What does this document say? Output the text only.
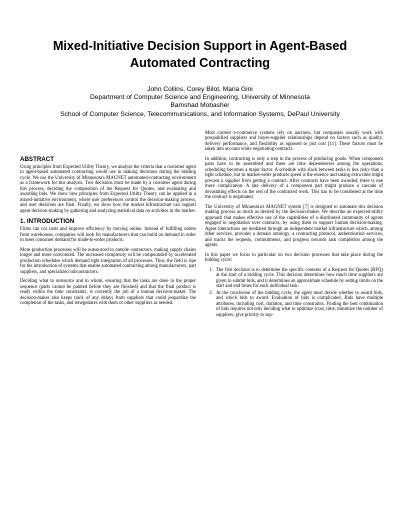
Mixed-Initiative Decision Support in Agent-Based
Automated Contracting
John Collins, Corey Bilot, Maria Gini
Department of Computer Science and Engineering, University of Minnesota
Bamshad Mobasher
School of Computer Science, Telecommunications, and Information Systems, DePaul University
ABSTRACT

Using principles from Expected Utility Theory, we analyze the criteria that a customer agent in agent-based automated contracting would use in making decisions during the bidding cycle. We use the University of Minnesota's MAGNET automated-contracting environment as a framework for this analysis. Two decisions must be made by a customer agent during this process, deciding the composition of the Request for Quotes, and evaluating and awarding bids. We show how principles from Expected Utility Theory can be applied in a mixed-initiative environment, where user preferences control the decision-making process, and user decisions are final. Finally, we show how the market infrastructure can support agent decision-making by gathering and analyzing statistical data on activities in the market.

1. INTRODUCTION

Firms can cut costs and improve efficiency by moving online. Instead of fulfilling orders from warehouses, companies will look for manufacturers that can build on demand in order to meet consumer demand for made-to-order products.

More production processes will be outsourced to outside contractors, making supply chains longer and more convoluted. The increased complexity will be compounded by accelerated production schedules which demand tight integration of all processes. Thus, the field is ripe for the introduction of systems that enable automated contracting among manufacturers, part suppliers, and specialized subcontractors.

Deciding what to outsource and to whom, ensuring that the tasks are done in the proper sequence (parts cannot be painted before they are finished) and that the final product is ready within the time constraints, is currently the job of a human decision-maker. The decision-maker also keeps track of any delays from suppliers that could jeopardize the completion of the tasks, and renegotiates with them or other suppliers as needed.

Most current e-commerce systems rely on auctions, but companies usually work with prequalified suppliers and buyer-supplier relationships depend on factors such as quality, delivery performance, and flexibility as opposed to just cost [11]. These factors must be taken into account while negotiating contracts.

In addition, contracting is only a step in the process of producing goods. When component parts have to be assembled and there are time dependencies among the operations, scheduling becomes a major factor. A schedule with slack between tasks is less risky than a tight schedule, but in market-order products speed is the essence and taking extra time might prevent a supplier from getting a contract. After contracts have been awarded, there is one more complication. A late delivery of a component part might produce a cascade of devastating effects on the rest of the contracted work. This has to be considered at the time the contract is negotiated.

The University of Minnesota's MAGNET system [7] is designed to automate this decision making process as much as desired by the decision-maker. We describe an expected-utility approach that makes effective use of the capabilities of a distributed community of agents engaged in negotiation over contracts, by using them to support human decision-making. Agent interactions are mediated through an independent market infrastructure which, among other services, provides a domain ontology, a contracting protocol, authentication services, and tracks the requests, commitments, and progress towards task completion among the agents.

In this paper we focus in particular on two decision processes that take place during the bidding cycle:

1. The first decision is to determine the specific contents of a Request for Quotes (RFQ) at the start of a bidding cycle. This decision determines how much time suppliers are given to submit bids, and it determines an approximate schedule by setting limits on the start and end times for each individual task.
2. At the conclusion of the bidding cycle, the agent must decide whether to award bids, and which bids to award. Evaluation of bids is complicated. Bids have multiple attributes, including cost, duration, and time constraints. Finding the best combination of bids requires not only deciding what to optimize (cost, time, minimize the number of suppliers, give priority to sup-
